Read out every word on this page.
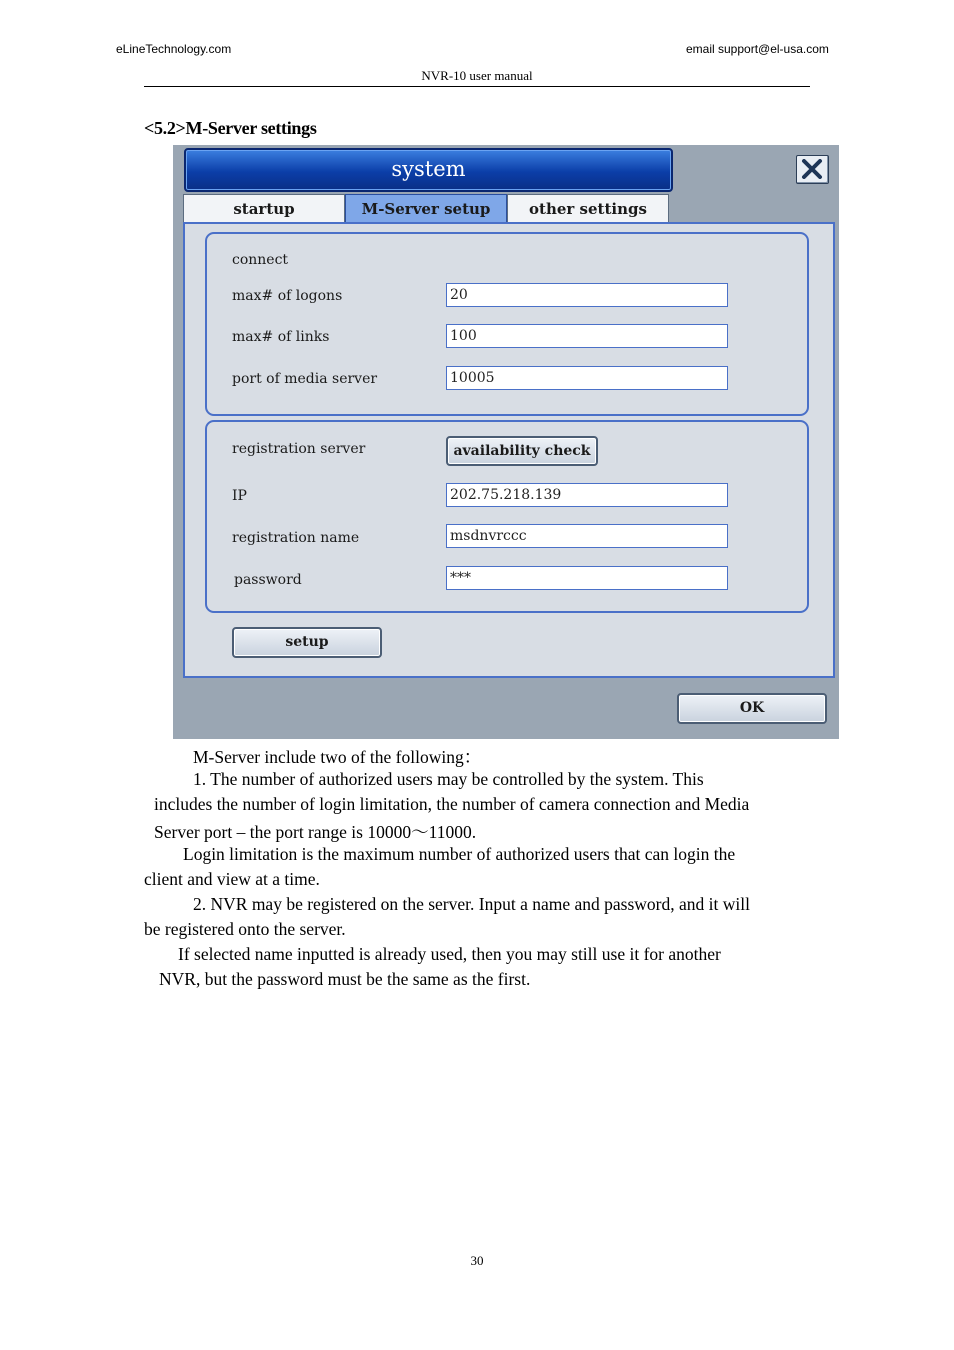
eLineTechnology.com	email support@el-usa.com
NVR-10 user manual
<5.2>M-Server settings
system
startup	M-Server setup	other settings
connect
max# of logons	20
max# of links	100
port of media server	10005
registration server	availability check
IP	202.75.218.139
registration name	msdnvrccc
password	***
setup
OK
M-Server include two of the following：
1. The number of authorized users may be controlled by the system. This
includes the number of login limitation, the number of camera connection and Media
Server port – the port range is 10000～11000.
Login limitation is the maximum number of authorized users that can login the
client and view at a time.
2. NVR may be registered on the server. Input a name and password, and it will
be registered onto the server.
If selected name inputted is already used, then you may still use it for another
NVR, but the password must be the same as the first.
30
